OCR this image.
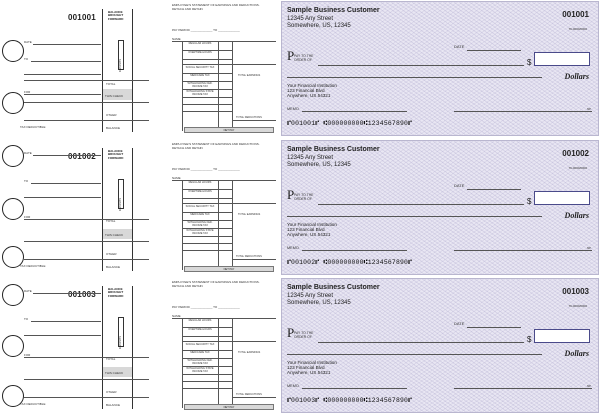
001001
BALANCE BROUGHT FORWARD
DEPOSITS
DATE
TO
FOR
TOTAL
THIS CHECK
OTHER
TAX DEDUCTIBLE	BALANCE
EMPLOYEE'S STATEMENT OF EARNINGS AND DEDUCTIONS. DETACH AND RETAIN
PAY PERIOD _____________ TO _____________
NAME
REGULAR HOURS
OVERTIME HOURS
SOCIAL SECURITY TAX
MEDICARE TAX	TOTAL EARNINGS
WITHHOLDING FED. INCOME TAX
WITHHOLDING STATE INCOME TAX
TOTAL DEDUCTIONS
NET PAY
Sample Business Customer
12345 Any Street
Somewhere, US, 12345
001001
76-0000/0000
DATE
P PAY TO THE ORDER OF	$
Dollars
Your Financial Institution
123 Financial Blvd
Anywhere, US 54321
MEMO	MP
⑈001001⑈ ⑆000000000⑆1234567890⑈
001002
BALANCE BROUGHT FORWARD
DEPOSITS
DATE
TO
FOR
TOTAL
THIS CHECK
OTHER
TAX DEDUCTIBLE	BALANCE
EMPLOYEE'S STATEMENT OF EARNINGS AND DEDUCTIONS. DETACH AND RETAIN
PAY PERIOD _____________ TO _____________
NAME
REGULAR HOURS
OVERTIME HOURS
SOCIAL SECURITY TAX
MEDICARE TAX	TOTAL EARNINGS
WITHHOLDING FED. INCOME TAX
WITHHOLDING STATE INCOME TAX
TOTAL DEDUCTIONS
NET PAY
Sample Business Customer
12345 Any Street
Somewhere, US, 12345
001002
76-0000/0000
DATE
P PAY TO THE ORDER OF	$
Dollars
Your Financial Institution
123 Financial Blvd
Anywhere, US 54321
MEMO	MP
⑈001002⑈ ⑆000000000⑆1234567890⑈
001003
BALANCE BROUGHT FORWARD
DEPOSITS
DATE
TO
FOR
TOTAL
THIS CHECK
OTHER
TAX DEDUCTIBLE	BALANCE
EMPLOYEE'S STATEMENT OF EARNINGS AND DEDUCTIONS. DETACH AND RETAIN
PAY PERIOD _____________ TO _____________
NAME
REGULAR HOURS
OVERTIME HOURS
SOCIAL SECURITY TAX
MEDICARE TAX	TOTAL EARNINGS
WITHHOLDING FED. INCOME TAX
WITHHOLDING STATE INCOME TAX
TOTAL DEDUCTIONS
NET PAY
Sample Business Customer
12345 Any Street
Somewhere, US, 12345
001003
76-0000/0000
DATE
P PAY TO THE ORDER OF	$
Dollars
Your Financial Institution
123 Financial Blvd
Anywhere, US 54321
MEMO	MP
⑈001003⑈ ⑆000000000⑆1234567890⑈
